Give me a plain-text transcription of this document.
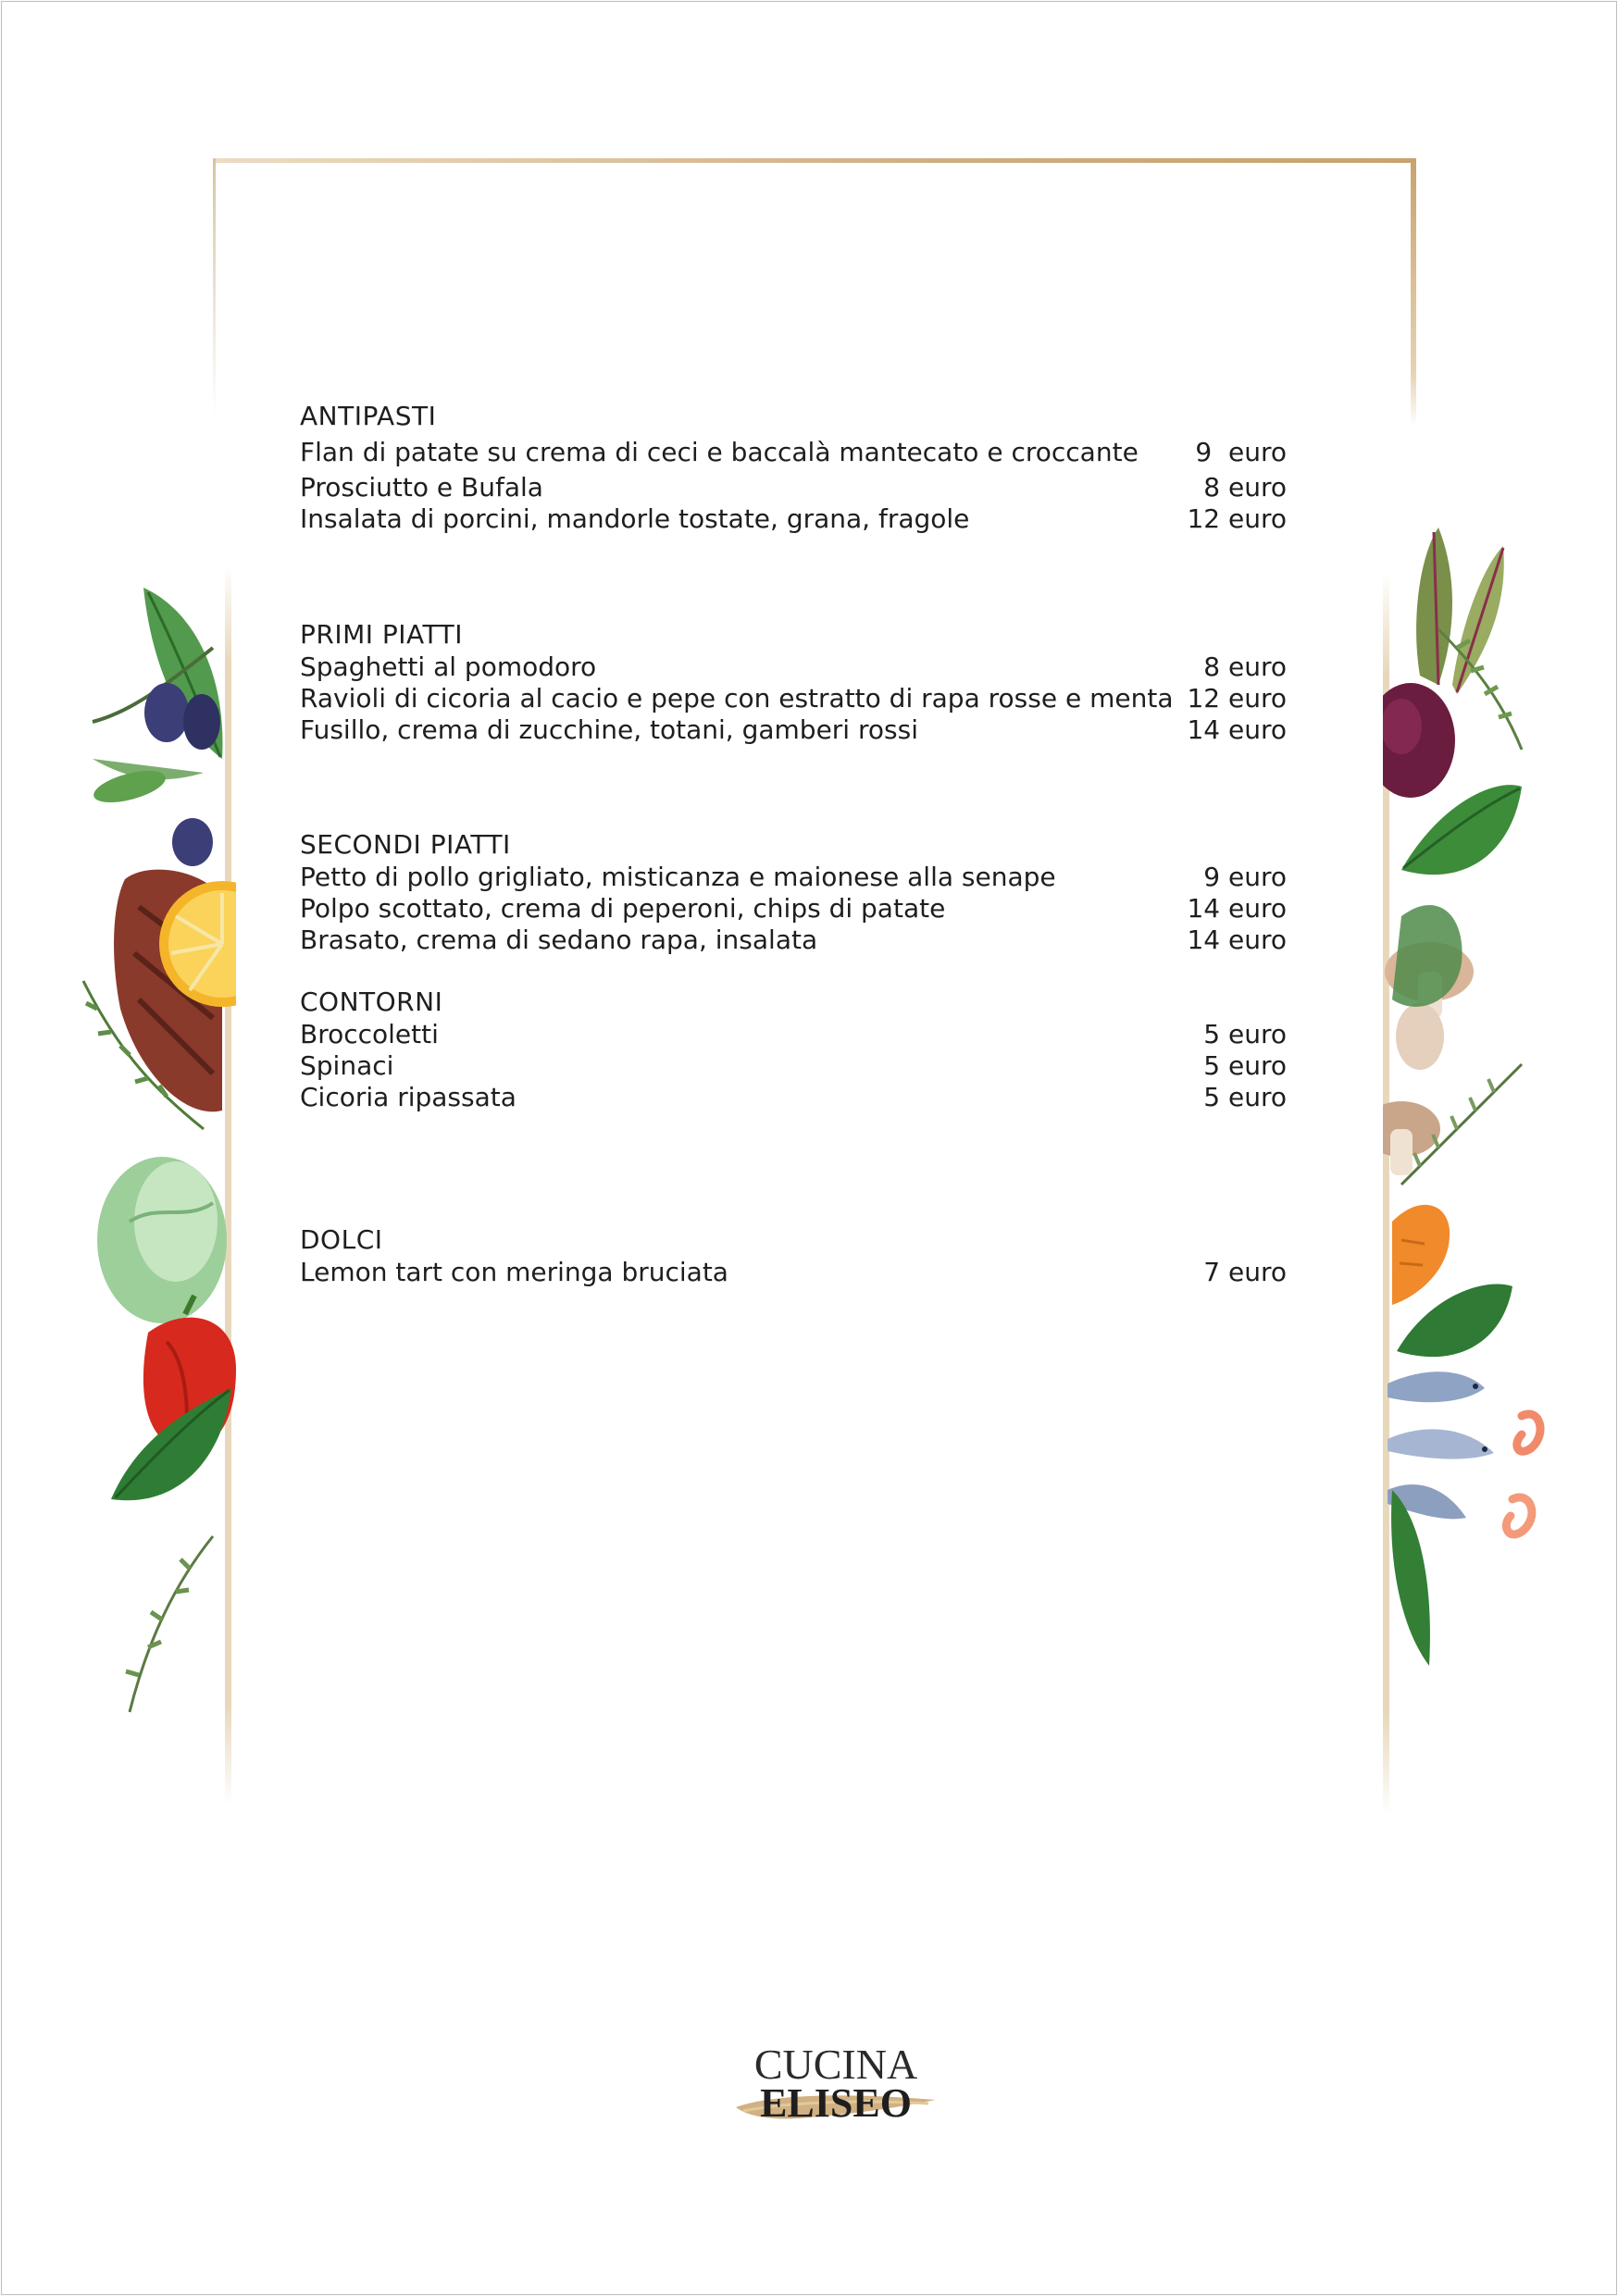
ANTIPASTI
Flan di patate su crema di ceci e baccalà mantecato e croccante	9  euro
Prosciutto e Bufala	8 euro
Insalata di porcini, mandorle tostate, grana, fragole	12 euro
PRIMI PIATTI
Spaghetti al pomodoro	8 euro
Ravioli di cicoria al cacio e pepe con estratto di rapa rosse e menta 12 euro
Fusillo, crema di zucchine, totani, gamberi rossi	14 euro
SECONDI PIATTI
Petto di pollo grigliato, misticanza e maionese alla senape	9 euro
Polpo scottato, crema di peperoni, chips di patate	14 euro
Brasato, crema di sedano rapa, insalata	14 euro
CONTORNI
Broccoletti	5 euro
Spinaci	5 euro
Cicoria ripassata	5 euro
DOLCI
Lemon tart con meringa bruciata	7 euro
CUCINA
ELISEO
